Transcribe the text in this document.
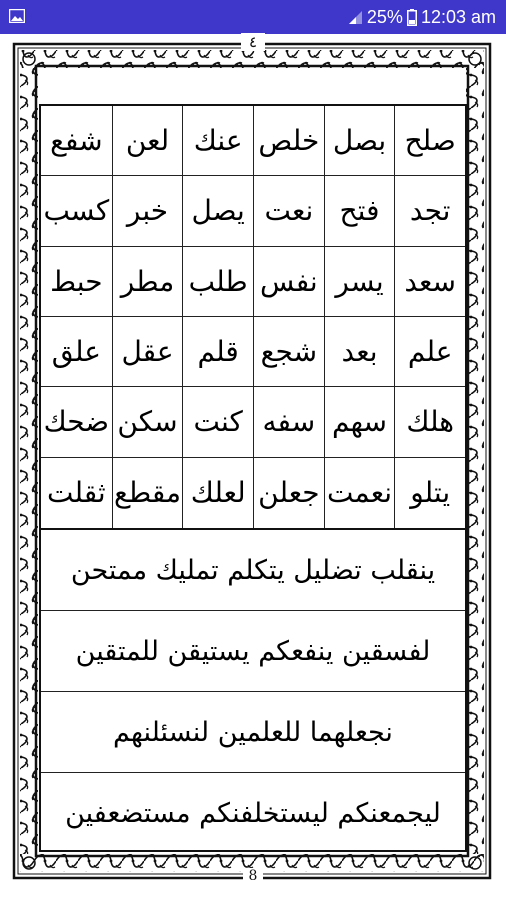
25% 12:03 am
٤
صلح
بصل
خلص
عنك
لعن
شفع
تجد
فتح
نعت
يصل
خبر
كسب
سعد
يسر
نفس
طلب
مطر
حبط
علم
بعد
شجع
قلم
عقل
علق
هلك
سهم
سفه
كنت
سكن
ضحك
يتلو
نعمت
جعلن
لعلك
مقطع
ثقلت
ينقلب تضليل يتكلم تمليك ممتحن
لفسقين ينفعكم يستيقن للمتقين
نجعلهما للعلمين لنسئلنهم
ليجمعنكم ليستخلفنكم مستضعفين
8
